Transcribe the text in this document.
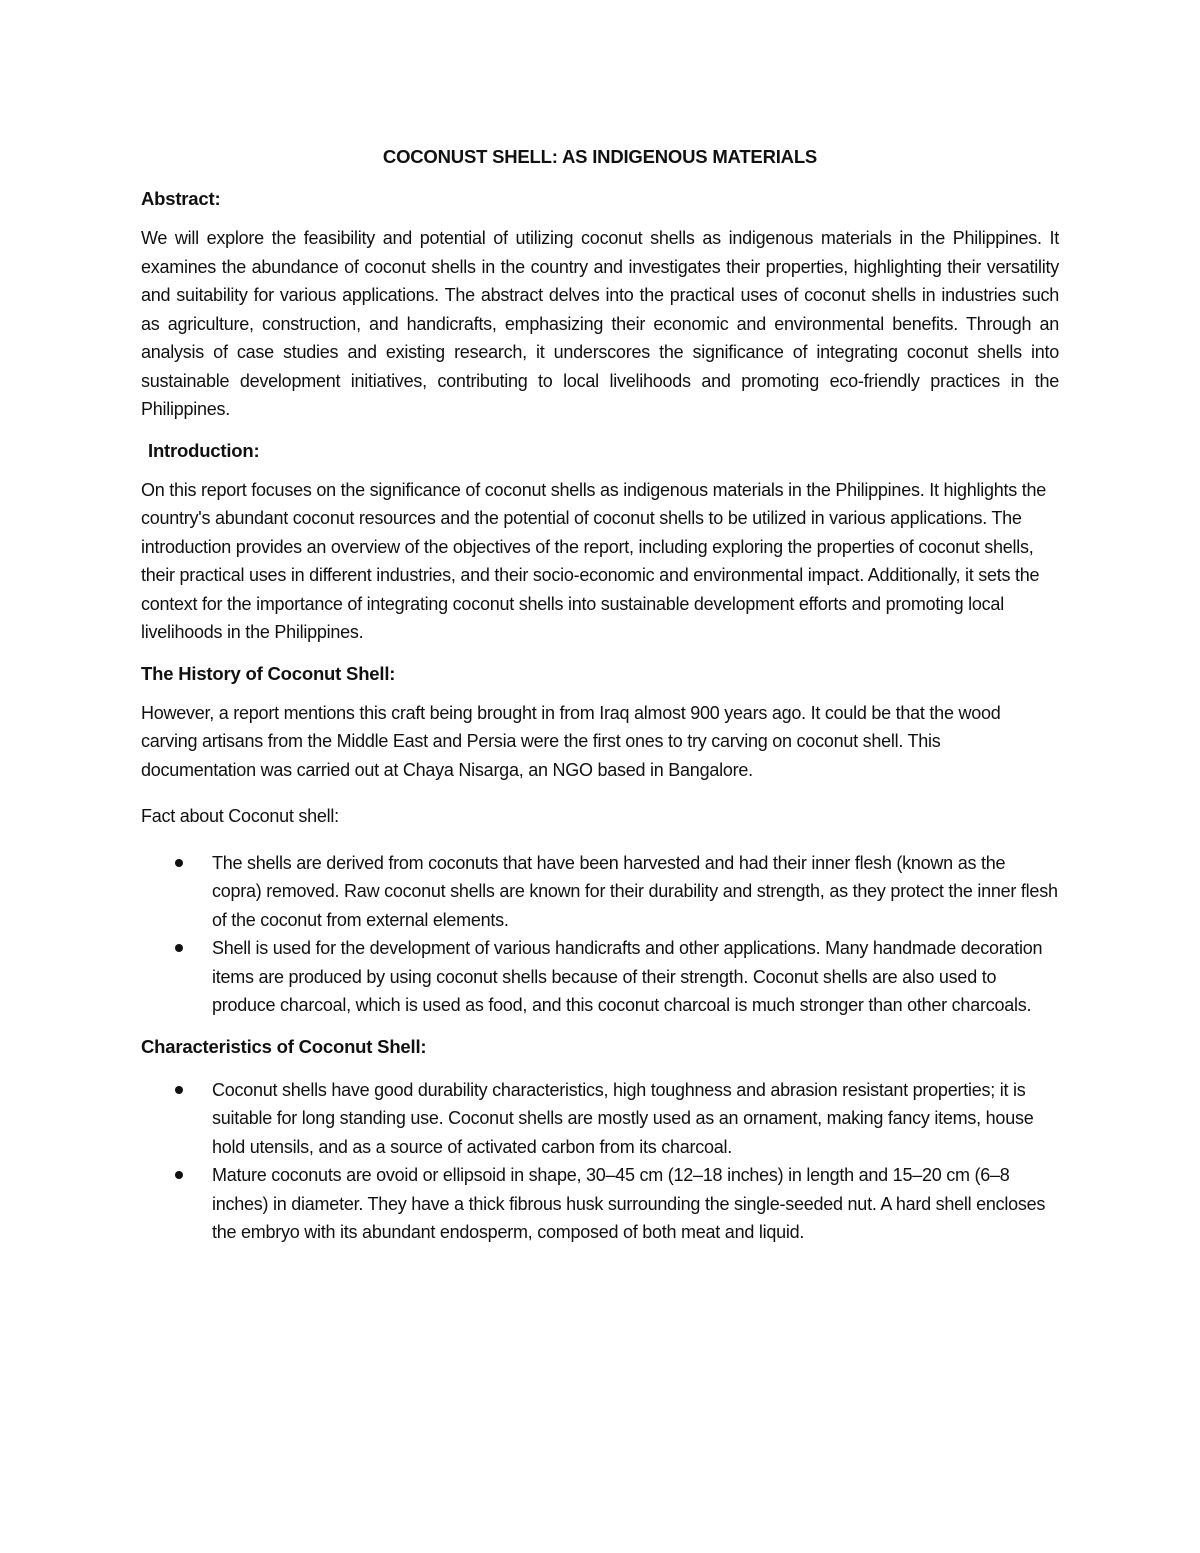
COCONUST SHELL: AS INDIGENOUS MATERIALS
Abstract:

We will explore the feasibility and potential of utilizing coconut shells as indigenous materials in the Philippines. It examines the abundance of coconut shells in the country and investigates their properties, highlighting their versatility and suitability for various applications. The abstract delves into the practical uses of coconut shells in industries such as agriculture, construction, and handicrafts, emphasizing their economic and environmental benefits. Through an analysis of case studies and existing research, it underscores the significance of integrating coconut shells into sustainable development initiatives, contributing to local livelihoods and promoting eco-friendly practices in the Philippines.

Introduction:

On this report focuses on the significance of coconut shells as indigenous materials in the Philippines. It highlights the country's abundant coconut resources and the potential of coconut shells to be utilized in various applications. The introduction provides an overview of the objectives of the report, including exploring the properties of coconut shells, their practical uses in different industries, and their socio-economic and environmental impact. Additionally, it sets the context for the importance of integrating coconut shells into sustainable development efforts and promoting local livelihoods in the Philippines.

The History of Coconut Shell:

However, a report mentions this craft being brought in from Iraq almost 900 years ago. It could be that the wood carving artisans from the Middle East and Persia were the first ones to try carving on coconut shell. This documentation was carried out at Chaya Nisarga, an NGO based in Bangalore.

Fact about Coconut shell:

The shells are derived from coconuts that have been harvested and had their inner flesh (known as the copra) removed. Raw coconut shells are known for their durability and strength, as they protect the inner flesh of the coconut from external elements.
Shell is used for the development of various handicrafts and other applications. Many handmade decoration items are produced by using coconut shells because of their strength. Coconut shells are also used to produce charcoal, which is used as food, and this coconut charcoal is much stronger than other charcoals.
Characteristics of Coconut Shell:
Coconut shells have good durability characteristics, high toughness and abrasion resistant properties; it is suitable for long standing use. Coconut shells are mostly used as an ornament, making fancy items, house hold utensils, and as a source of activated carbon from its charcoal.
Mature coconuts are ovoid or ellipsoid in shape, 30–45 cm (12–18 inches) in length and 15–20 cm (6–8 inches) in diameter. They have a thick fibrous husk surrounding the single-seeded nut. A hard shell encloses the embryo with its abundant endosperm, composed of both meat and liquid.
